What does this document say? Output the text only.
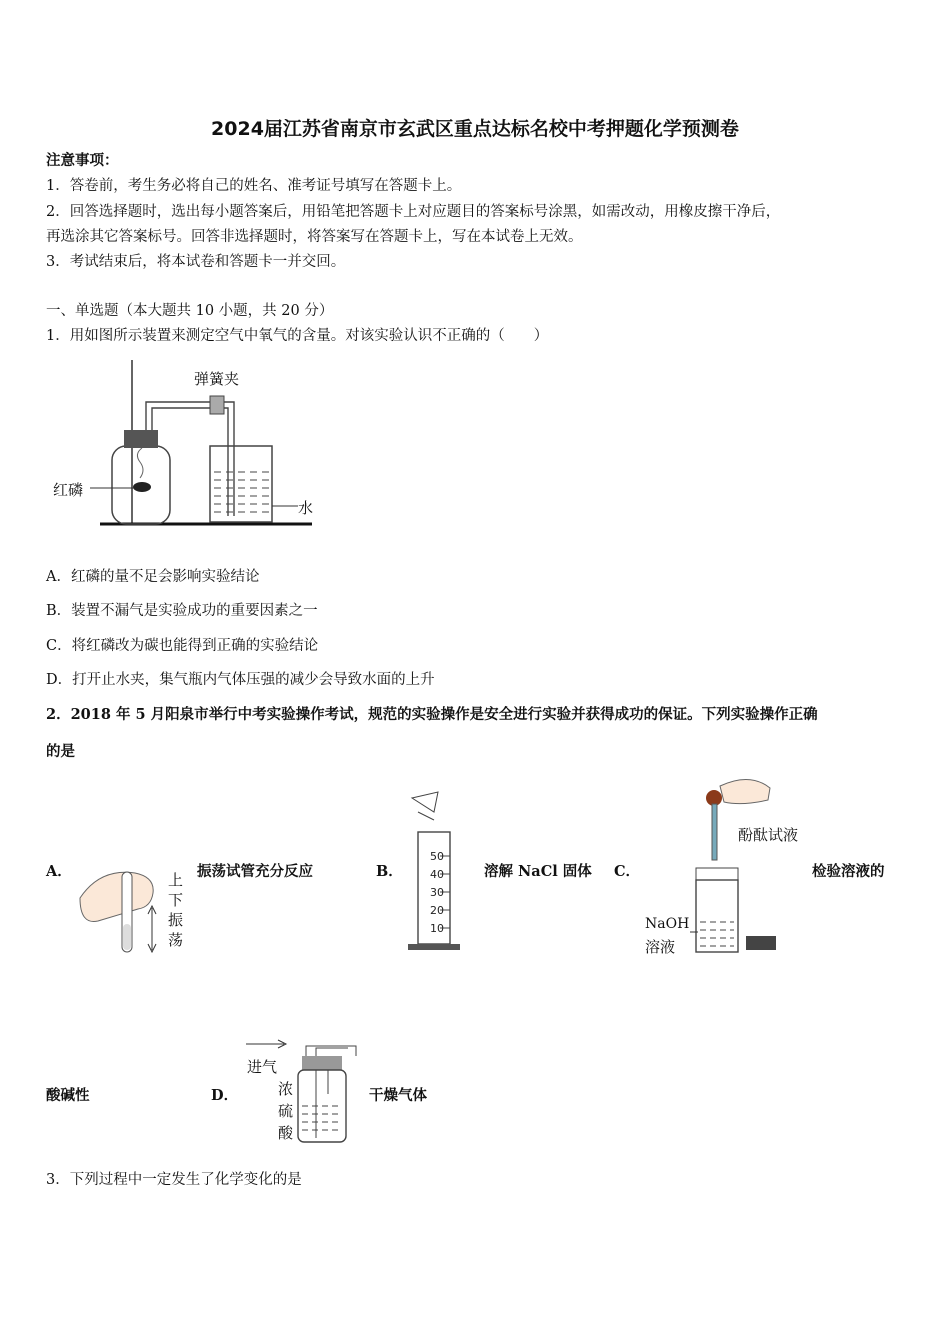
2024届江苏省南京市玄武区重点达标名校中考押题化学预测卷
注意事项：
1．答卷前，考生务必将自己的姓名、准考证号填写在答题卡上。
2．回答选择题时，选出每小题答案后，用铅笔把答题卡上对应题目的答案标号涂黑，如需改动，用橡皮擦干净后，
再选涂其它答案标号。回答非选择题时，将答案写在答题卡上，写在本试卷上无效。
3．考试结束后，将本试卷和答题卡一并交回。
一、单选题（本大题共 10 小题，共 20 分）
1．用如图所示装置来测定空气中氧气的含量。对该实验认识不正确的（　　）
弹簧夹
红磷
水
A．红磷的量不足会影响实验结论
B．装置不漏气是实验成功的重要因素之一
C．将红磷改为碳也能得到正确的实验结论
D．打开止水夹，集气瓶内气体压强的减少会导致水面的上升
2．2018 年 5 月阳泉市举行中考实验操作考试，规范的实验操作是安全进行实验并获得成功的保证。下列实验操作正确
的是
A．	上
下
振
荡
振荡试管充分反应	B．
50
40
30
20
10
溶解 NaCl 固体 C．
酚酞试液
NaOH
溶液
检验溶液的
酸碱性	D．
进气
浓
硫
酸
干燥气体
3．下列过程中一定发生了化学变化的是
